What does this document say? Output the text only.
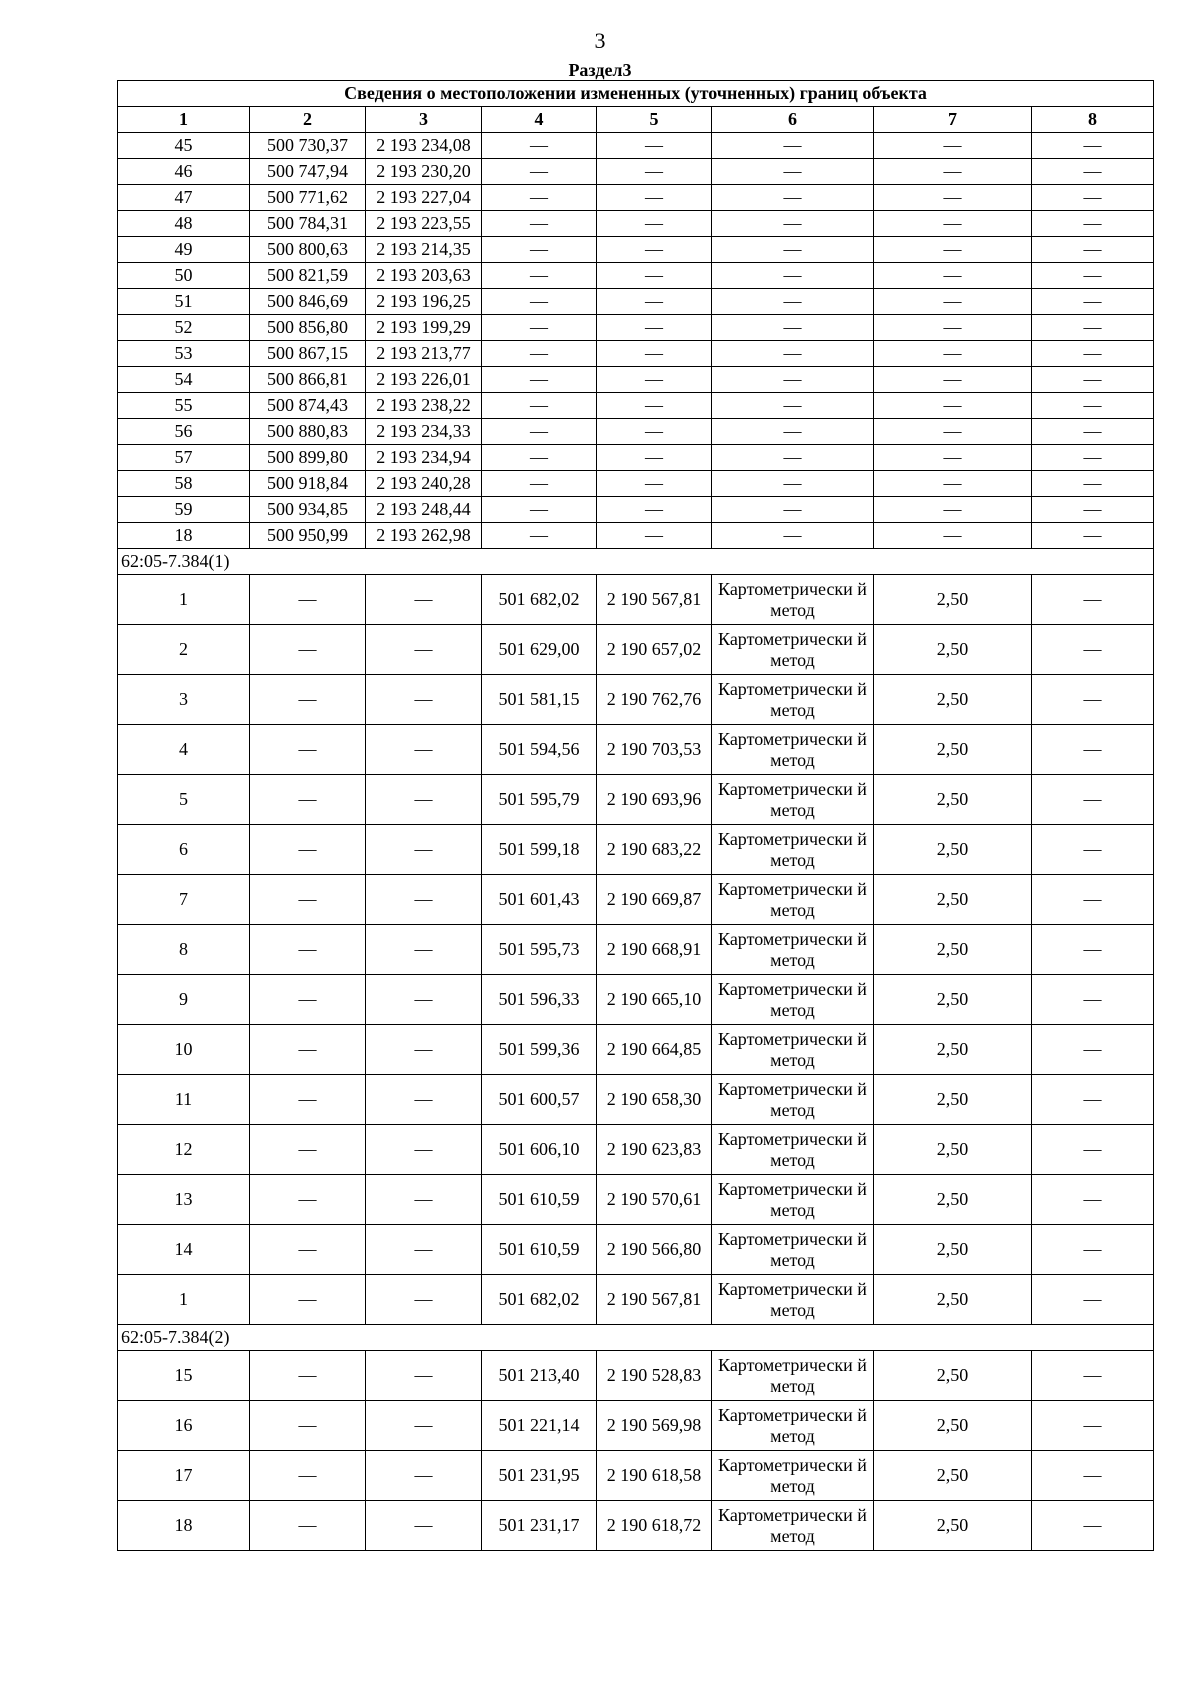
3
Раздел3
Сведения о местоположении измененных (уточненных) границ объекта							
1	2	3	4	5	6	7	8
45	500 730,37	2 193 234,08	—	—	—	—	—
46	500 747,94	2 193 230,20	—	—	—	—	—
47	500 771,62	2 193 227,04	—	—	—	—	—
48	500 784,31	2 193 223,55	—	—	—	—	—
49	500 800,63	2 193 214,35	—	—	—	—	—
50	500 821,59	2 193 203,63	—	—	—	—	—
51	500 846,69	2 193 196,25	—	—	—	—	—
52	500 856,80	2 193 199,29	—	—	—	—	—
53	500 867,15	2 193 213,77	—	—	—	—	—
54	500 866,81	2 193 226,01	—	—	—	—	—
55	500 874,43	2 193 238,22	—	—	—	—	—
56	500 880,83	2 193 234,33	—	—	—	—	—
57	500 899,80	2 193 234,94	—	—	—	—	—
58	500 918,84	2 193 240,28	—	—	—	—	—
59	500 934,85	2 193 248,44	—	—	—	—	—
18	500 950,99	2 193 262,98	—	—	—	—	—
62:05-7.384(1)							
1	—	—	501 682,02	2 190 567,81	Картометрически й метод	2,50	—
2	—	—	501 629,00	2 190 657,02	Картометрически й метод	2,50	—
3	—	—	501 581,15	2 190 762,76	Картометрически й метод	2,50	—
4	—	—	501 594,56	2 190 703,53	Картометрически й метод	2,50	—
5	—	—	501 595,79	2 190 693,96	Картометрически й метод	2,50	—
6	—	—	501 599,18	2 190 683,22	Картометрически й метод	2,50	—
7	—	—	501 601,43	2 190 669,87	Картометрически й метод	2,50	—
8	—	—	501 595,73	2 190 668,91	Картометрически й метод	2,50	—
9	—	—	501 596,33	2 190 665,10	Картометрически й метод	2,50	—
10	—	—	501 599,36	2 190 664,85	Картометрически й метод	2,50	—
11	—	—	501 600,57	2 190 658,30	Картометрически й метод	2,50	—
12	—	—	501 606,10	2 190 623,83	Картометрически й метод	2,50	—
13	—	—	501 610,59	2 190 570,61	Картометрически й метод	2,50	—
14	—	—	501 610,59	2 190 566,80	Картометрически й метод	2,50	—
1	—	—	501 682,02	2 190 567,81	Картометрически й метод	2,50	—
62:05-7.384(2)							
15	—	—	501 213,40	2 190 528,83	Картометрически й метод	2,50	—
16	—	—	501 221,14	2 190 569,98	Картометрически й метод	2,50	—
17	—	—	501 231,95	2 190 618,58	Картометрически й метод	2,50	—
18	—	—	501 231,17	2 190 618,72	Картометрически й метод	2,50	—
